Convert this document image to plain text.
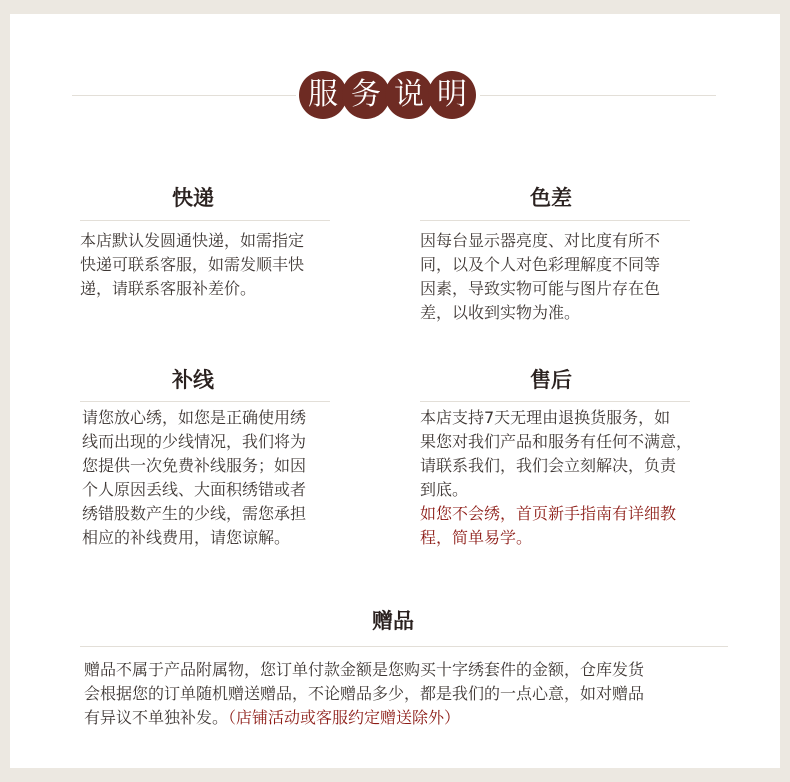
服 务 说 明
快递
本店默认发圆通快递，如需指定
快递可联系客服，如需发顺丰快
递，请联系客服补差价。
色差
因每台显示器亮度、对比度有所不
同，以及个人对色彩理解度不同等
因素，导致实物可能与图片存在色
差，以收到实物为准。
补线
请您放心绣，如您是正确使用绣
线而出现的少线情况，我们将为
您提供一次免费补线服务；如因
个人原因丢线、大面积绣错或者
绣错股数产生的少线，需您承担
相应的补线费用，请您谅解。
售后
本店支持7天无理由退换货服务，如
果您对我们产品和服务有任何不满意，
请联系我们，我们会立刻解决，负责
到底。
如您不会绣，首页新手指南有详细教
程，简单易学。
赠品
赠品不属于产品附属物，您订单付款金额是您购买十字绣套件的金额，仓库发货
会根据您的订单随机赠送赠品，不论赠品多少，都是我们的一点心意，如对赠品
有异议不单独补发。（店铺活动或客服约定赠送除外）
